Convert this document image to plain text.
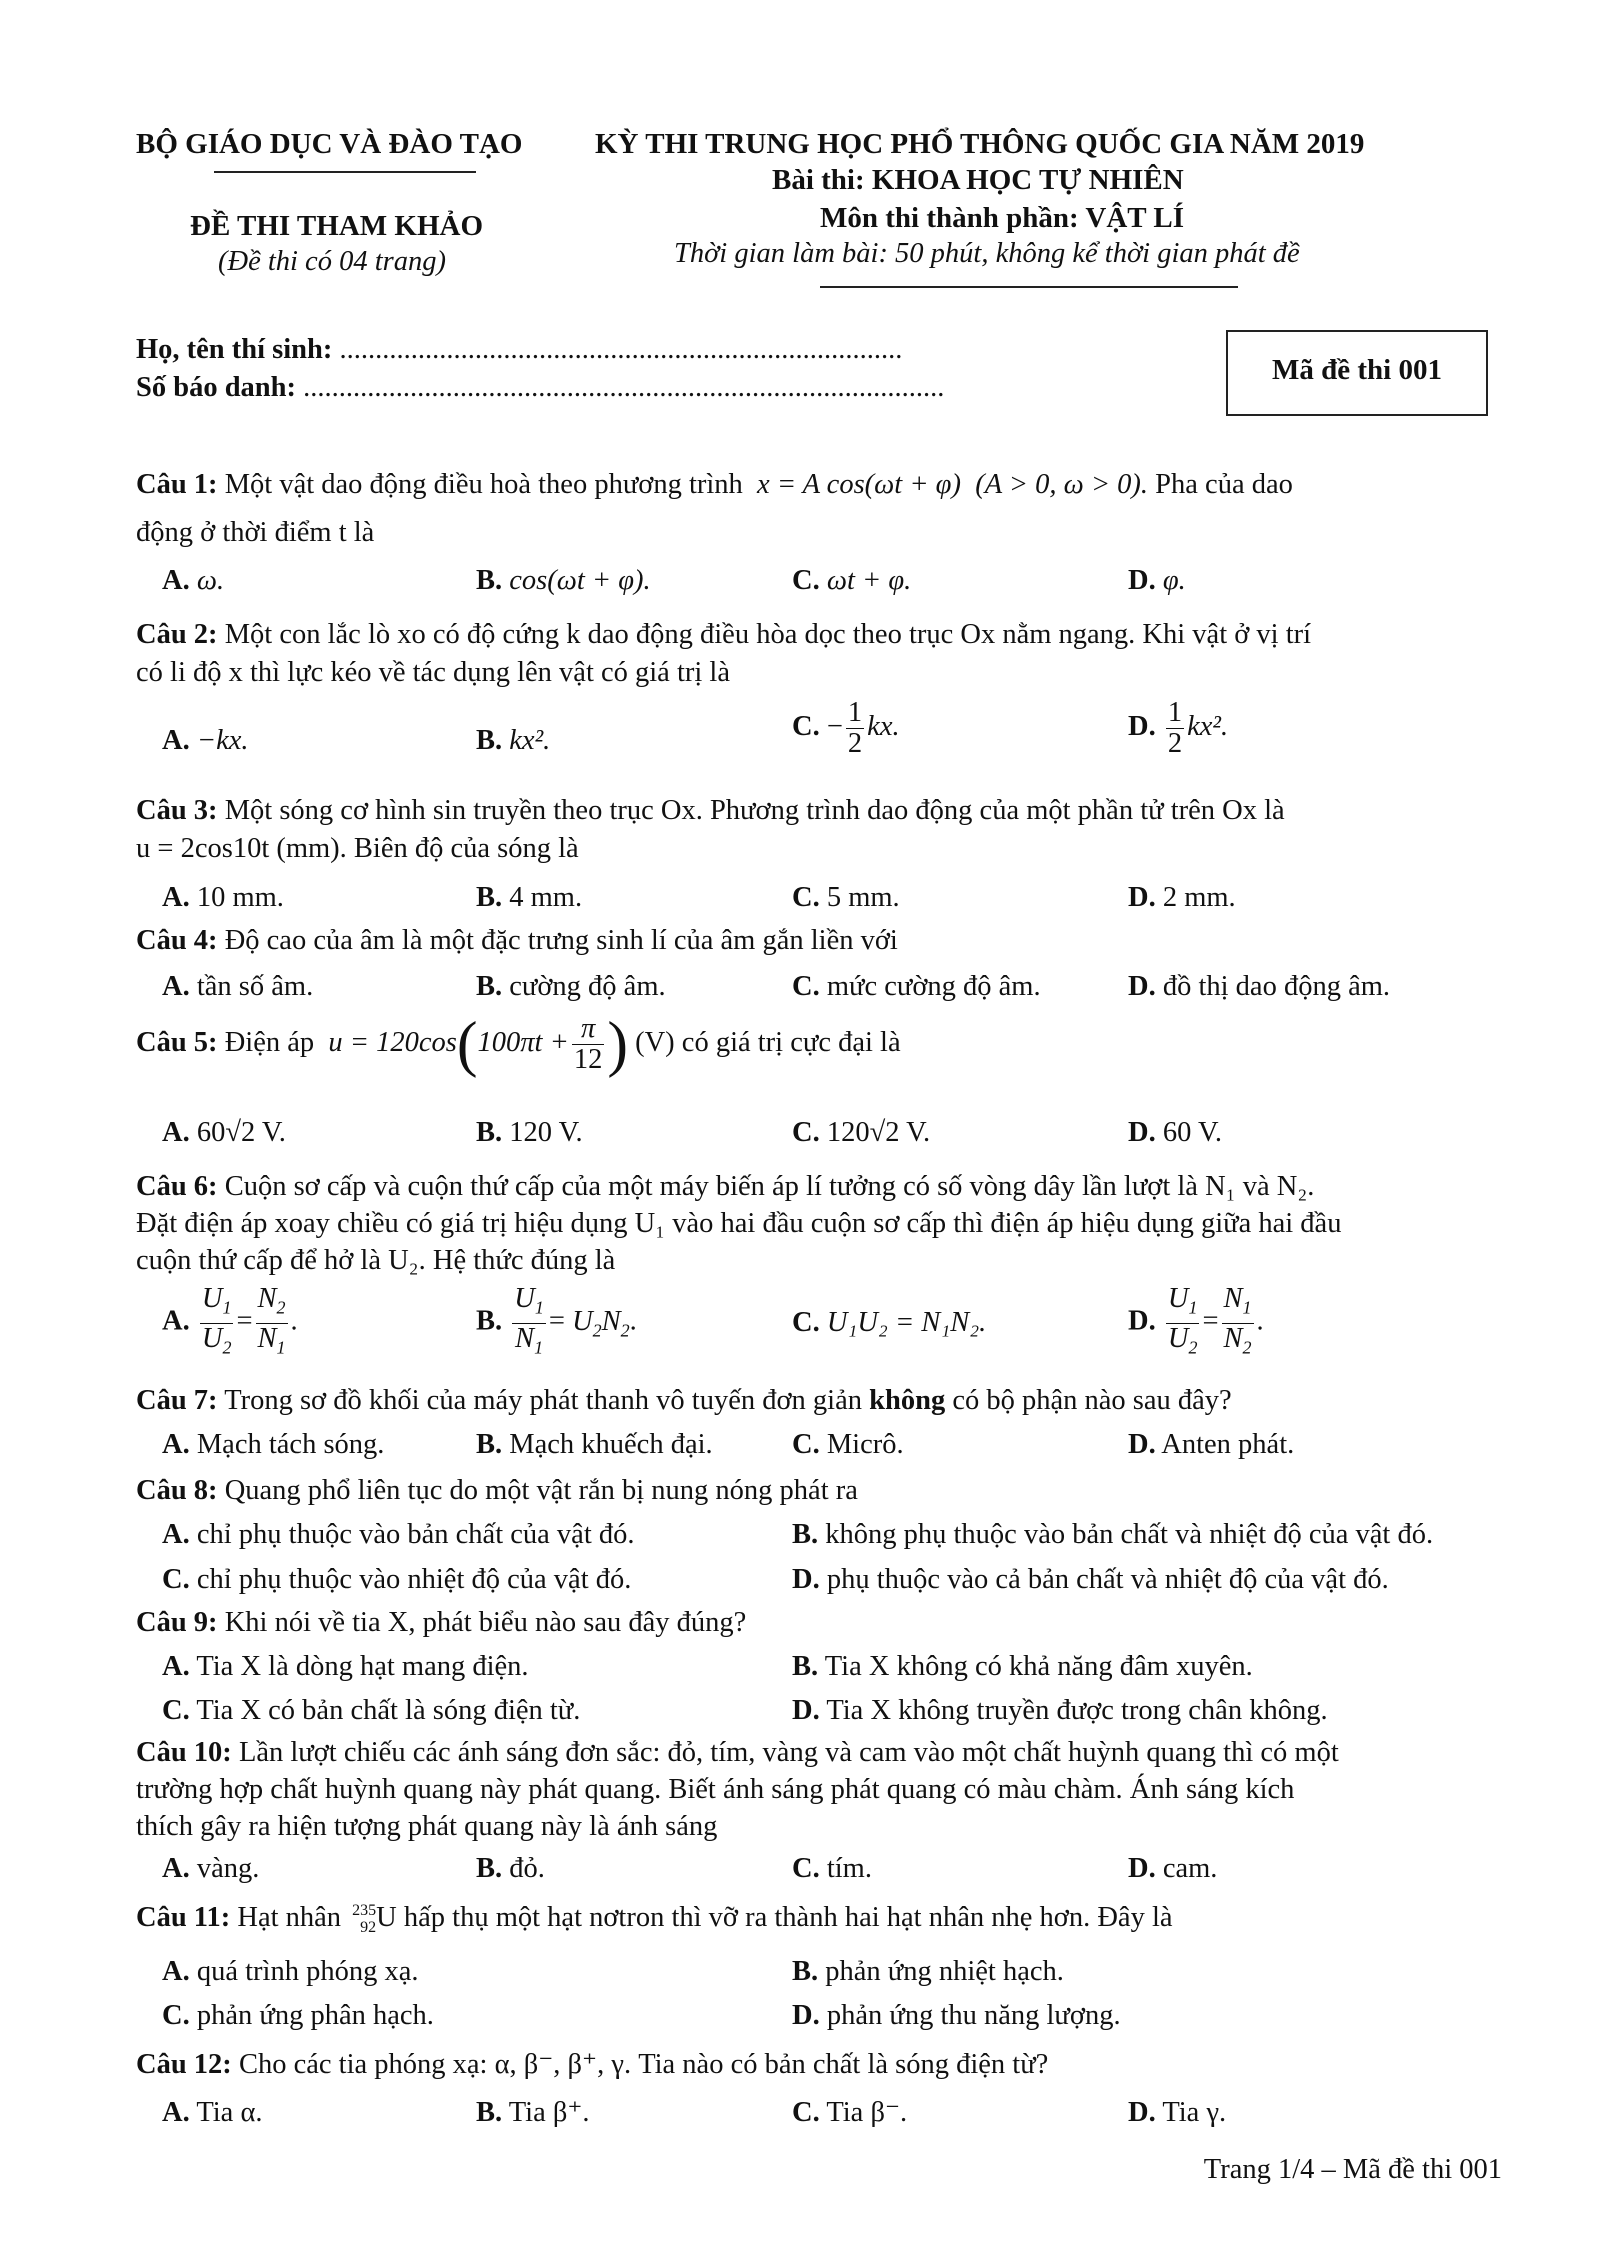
BỘ GIÁO DỤC VÀ ĐÀO TẠO	KỲ THI TRUNG HỌC PHỔ THÔNG QUỐC GIA NĂM 2019
Bài thi: KHOA HỌC TỰ NHIÊN
ĐỀ THI THAM KHẢO	Môn thi thành phần: VẬT LÍ
(Đề thi có 04 trang)	Thời gian làm bài: 50 phút, không kể thời gian phát đề
Họ, tên thí sinh: ...............................................................................
Số báo danh: ..........................................................................................
Mã đề thi 001
Câu 1: Một vật dao động điều hoà theo phương trình x = A cos(ωt + φ) (A > 0, ω > 0). Pha của dao
động ở thời điểm t là
A. ω.	B. cos(ωt + φ).	C. ωt + φ.	D. φ.
Câu 2: Một con lắc lò xo có độ cứng k dao động điều hòa dọc theo trục Ox nằm ngang. Khi vật ở vị trí
có li độ x thì lực kéo về tác dụng lên vật có giá trị là
A. −kx.	B. kx².	C. − $\frac{1}{2}$ kx.	D. $\frac{1}{2} kx^2$.
Câu 3: Một sóng cơ hình sin truyền theo trục Ox. Phương trình dao động của một phần tử trên Ox là
u = 2cos10t (mm). Biên độ của sóng là
A. 10 mm.	B. 4 mm.	C. 5 mm.	D. 2 mm.
Câu 4: Độ cao của âm là một đặc trưng sinh lí của âm gắn liền với
A. tần số âm.	B. cường độ âm.	C. mức cường độ âm.	D. đồ thị dao động âm.
Câu 5: Điện áp $u = 120\cos(100\pi t + \frac{\pi}{12}$ ) (V) có giá trị cực đại là
A. 60√2 V.	B. 120 V.	C. 120√2 V.	D. 60 V.
Câu 6: Cuộn sơ cấp và cuộn thứ cấp của một máy biến áp lí tưởng có số vòng dây lần lượt là N₁ và N₂.
Đặt điện áp xoay chiều có giá trị hiệu dụng U₁ vào hai đầu cuộn sơ cấp thì điện áp hiệu dụng giữa hai đầu
cuộn thứ cấp để hở là U₂. Hệ thức đúng là
A. $\frac{U_1}{U_2} = \frac{N_2}{N_1}$ .	B. $\frac{U_1}{N_1} = U_2N_2$.	C. U₁U₂ = N₁N₂.	D. $\frac{U_1}{U_2} = \frac{N_1}{N_2}$ .
Câu 7: Trong sơ đồ khối của máy phát thanh vô tuyến đơn giản không có bộ phận nào sau đây?
A. Mạch tách sóng.	B. Mạch khuếch đại.	C. Micrô.	D. Anten phát.
Câu 8: Quang phổ liên tục do một vật rắn bị nung nóng phát ra
A. chỉ phụ thuộc vào bản chất của vật đó.	B. không phụ thuộc vào bản chất và nhiệt độ của vật đó.
C. chỉ phụ thuộc vào nhiệt độ của vật đó.	D. phụ thuộc vào cả bản chất và nhiệt độ của vật đó.
Câu 9: Khi nói về tia X, phát biểu nào sau đây đúng?
A. Tia X là dòng hạt mang điện.	B. Tia X không có khả năng đâm xuyên.
C. Tia X có bản chất là sóng điện từ.	D. Tia X không truyền được trong chân không.
Câu 10: Lần lượt chiếu các ánh sáng đơn sắc: đỏ, tím, vàng và cam vào một chất huỳnh quang thì có một
trường hợp chất huỳnh quang này phát quang. Biết ánh sáng phát quang có màu chàm. Ánh sáng kích
thích gây ra hiện tượng phát quang này là ánh sáng
A. vàng.	B. đỏ.	C. tím.	D. cam.
Câu 11: Hạt nhân 235
92 U hấp thụ một hạt nơtron thì vỡ ra thành hai hạt nhân nhẹ hơn. Đây là
A. quá trình phóng xạ.	B. phản ứng nhiệt hạch.
C. phản ứng phân hạch.	D. phản ứng thu năng lượng.
Câu 12: Cho các tia phóng xạ: α, β⁻, β⁺, γ. Tia nào có bản chất là sóng điện từ?
A. Tia α.	B. Tia β⁺.	C. Tia β⁻.	D. Tia γ.
Trang 1/4 – Mã đề thi 001
